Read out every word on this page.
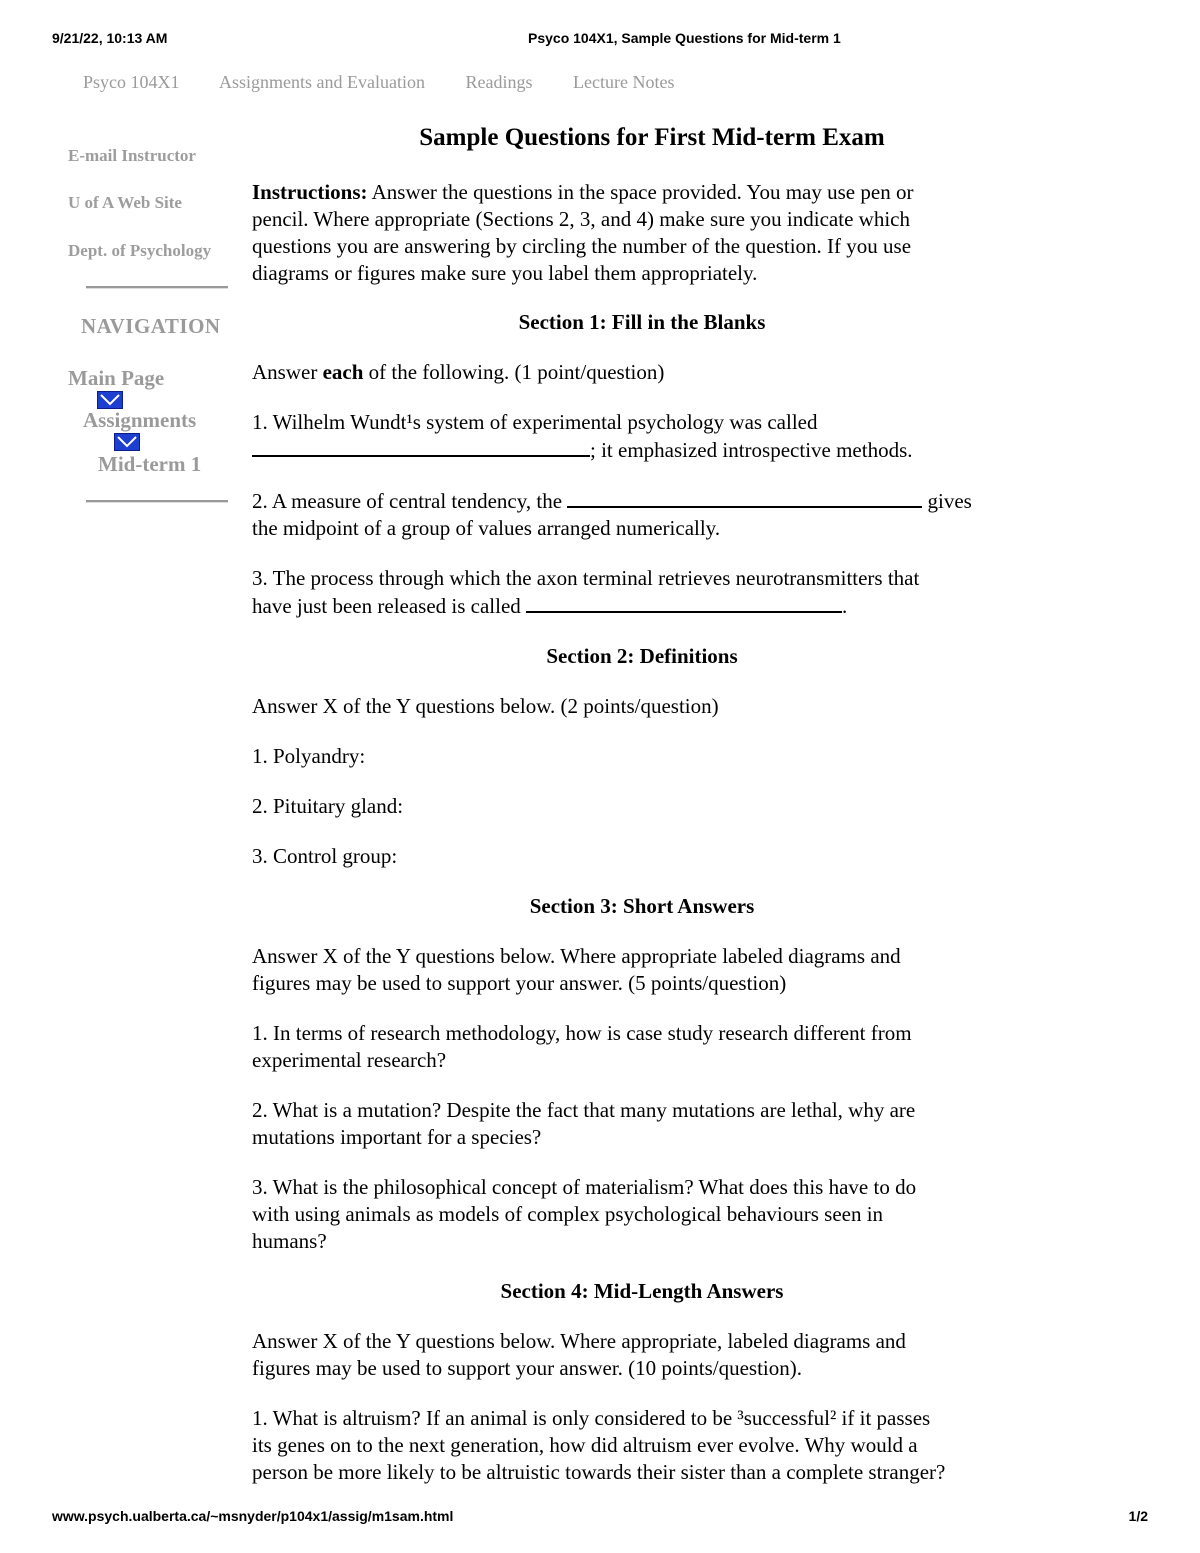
9/21/22, 10:13 AM	Psyco 104X1, Sample Questions for Mid-term 1
Psyco 104X1 Assignments and Evaluation Readings Lecture Notes
E-mail Instructor
U of A Web Site
Dept. of Psychology
NAVIGATION
Main Page
Assignments
Mid-term 1

Sample Questions for First Mid-term Exam

Instructions: Answer the questions in the space provided. You may use pen or
pencil. Where appropriate (Sections 2, 3, and 4) make sure you indicate which
questions you are answering by circling the number of the question. If you use
diagrams or figures make sure you label them appropriately.

Section 1: Fill in the Blanks

Answer each of the following. (1 point/question)

1. Wilhelm Wundt¹s system of experimental psychology was called
; it emphasized introspective methods.

2. A measure of central tendency, the	gives
the midpoint of a group of values arranged numerically.

3. The process through which the axon terminal retrieves neurotransmitters that
have just been released is called	.

Section 2: Definitions

Answer X of the Y questions below. (2 points/question)

1. Polyandry:

2. Pituitary gland:

3. Control group:

Section 3: Short Answers

Answer X of the Y questions below. Where appropriate labeled diagrams and
figures may be used to support your answer. (5 points/question)

1. In terms of research methodology, how is case study research different from
experimental research?

2. What is a mutation? Despite the fact that many mutations are lethal, why are
mutations important for a species?

3. What is the philosophical concept of materialism? What does this have to do
with using animals as models of complex psychological behaviours seen in
humans?

Section 4: Mid-Length Answers

Answer X of the Y questions below. Where appropriate, labeled diagrams and
figures may be used to support your answer. (10 points/question).

1. What is altruism? If an animal is only considered to be ³successful² if it passes
its genes on to the next generation, how did altruism ever evolve. Why would a
person be more likely to be altruistic towards their sister than a complete stranger?

www.psych.ualberta.ca/~msnyder/p104x1/assig/m1sam.html	1/2
